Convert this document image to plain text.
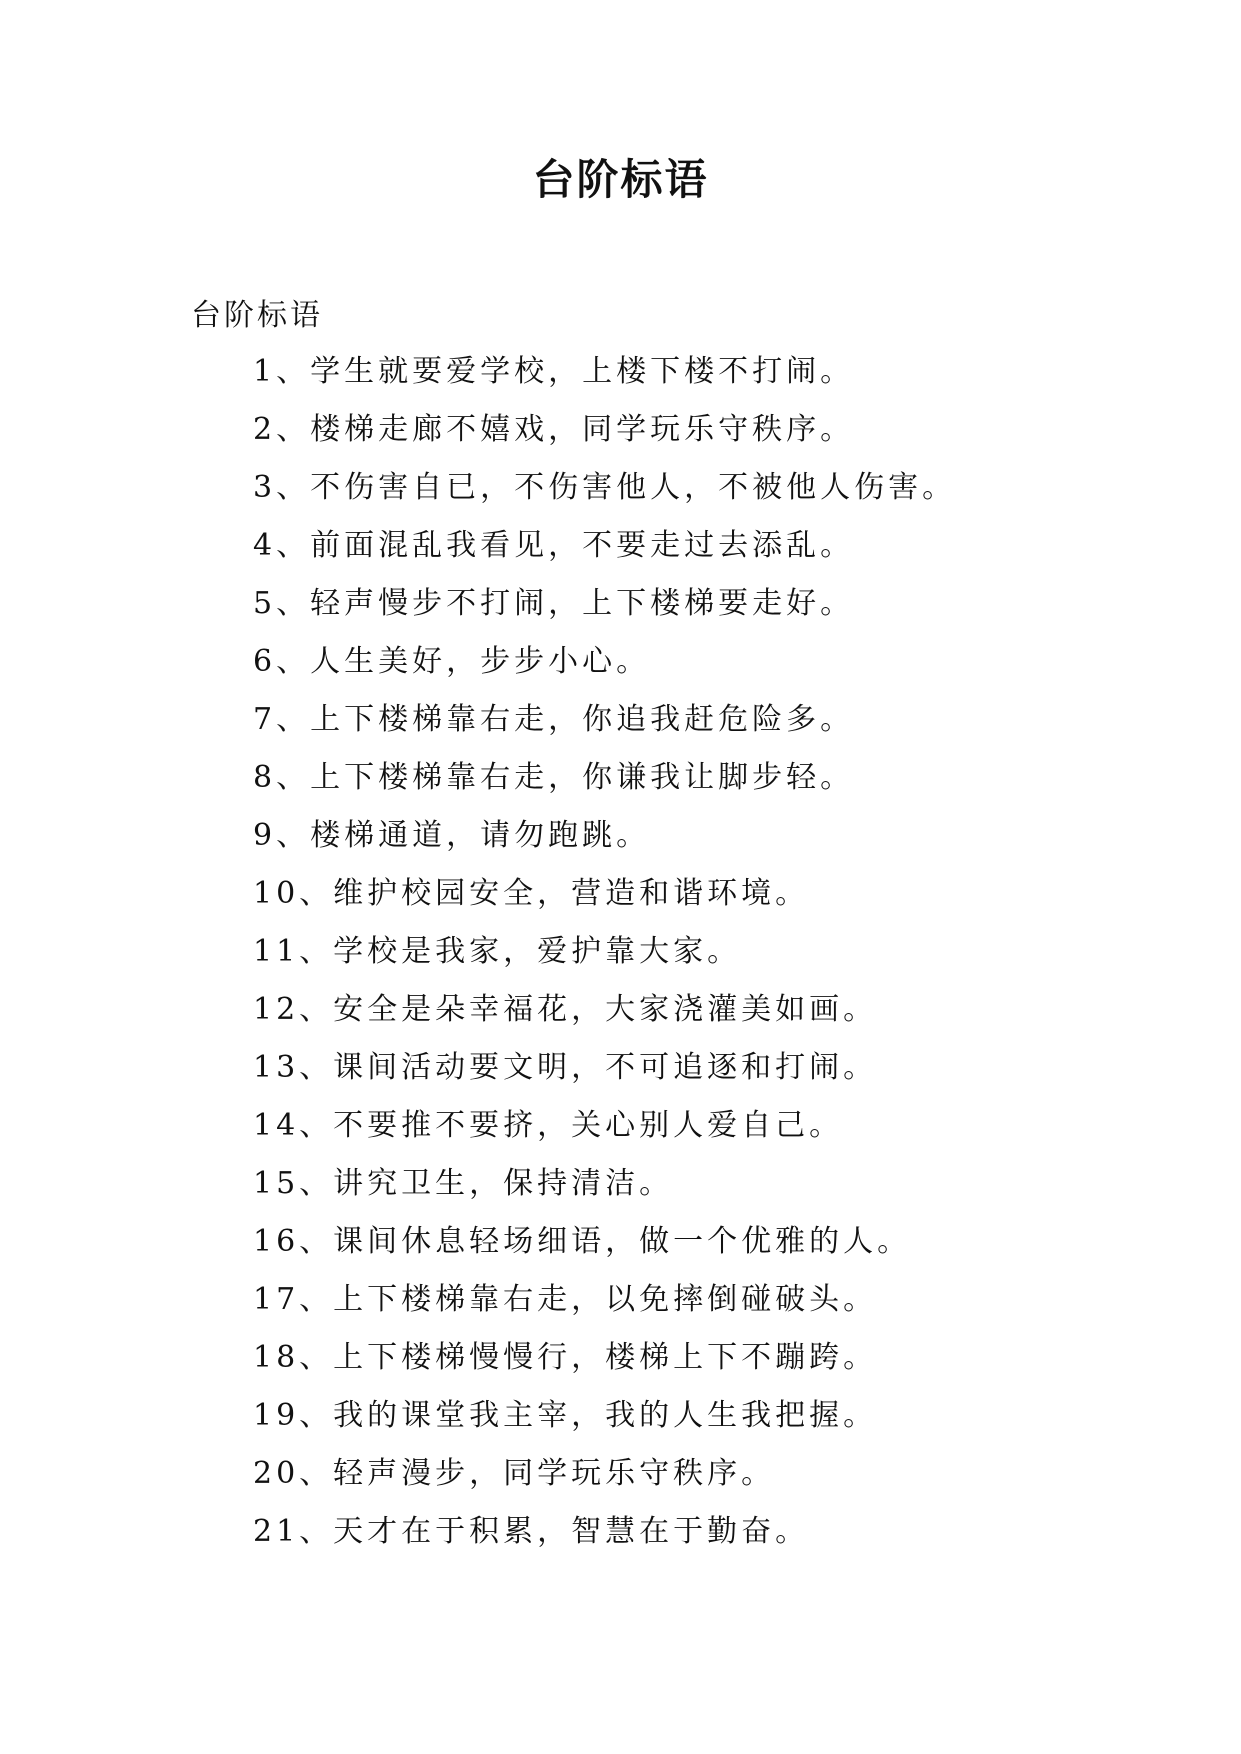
台阶标语

台阶标语

1、学生就要爱学校，上楼下楼不打闹。
2、楼梯走廊不嬉戏，同学玩乐守秩序。
3、不伤害自已，不伤害他人，不被他人伤害。
4、前面混乱我看见，不要走过去添乱。
5、轻声慢步不打闹，上下楼梯要走好。
6、人生美好，步步小心。
7、上下楼梯靠右走，你追我赶危险多。
8、上下楼梯靠右走，你谦我让脚步轻。
9、楼梯通道，请勿跑跳。
10、维护校园安全，营造和谐环境。
11、学校是我家，爱护靠大家。
12、安全是朵幸福花，大家浇灌美如画。
13、课间活动要文明，不可追逐和打闹。
14、不要推不要挤，关心别人爱自己。
15、讲究卫生，保持清洁。
16、课间休息轻场细语，做一个优雅的人。
17、上下楼梯靠右走，以免摔倒碰破头。
18、上下楼梯慢慢行，楼梯上下不蹦跨。
19、我的课堂我主宰，我的人生我把握。
20、轻声漫步，同学玩乐守秩序。
21、天才在于积累，智慧在于勤奋。
